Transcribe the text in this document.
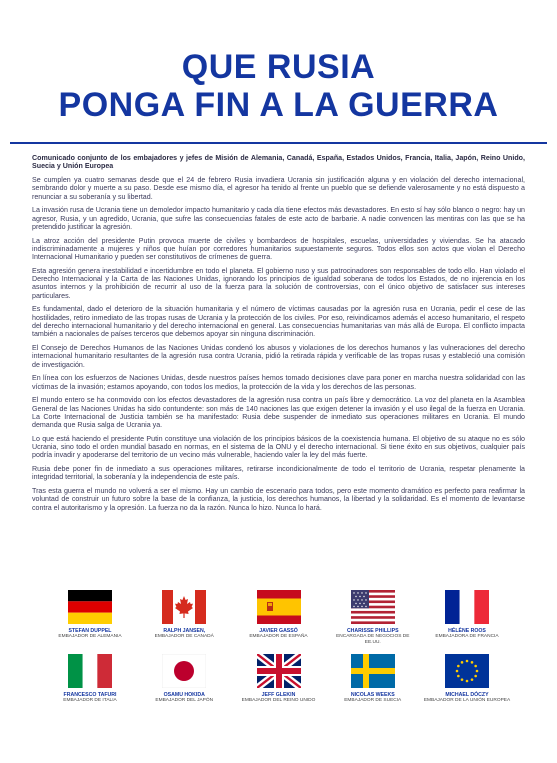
QUE RUSIA

PONGA FIN A LA GUERRA

Comunicado conjunto de los embajadores y jefes de Misión de Alemania, Canadá, España, Estados Unidos, Francia, Italia, Japón, Reino Unido, Suecia y Unión Europea

Se cumplen ya cuatro semanas desde que el 24 de febrero Rusia invadiera Ucrania sin justificación alguna y en violación del derecho internacional, sembrando dolor y muerte a su paso. Desde ese mismo día, el agresor ha tenido al frente un pueblo que se defiende valerosamente y no está dispuesto a renunciar a su soberanía y su libertad.

La invasión rusa de Ucrania tiene un demoledor impacto humanitario y cada día tiene efectos más devastadores. En esto sí hay sólo blanco o negro: hay un agresor, Rusia, y un agredido, Ucrania, que sufre las consecuencias fatales de este acto de barbarie. A nadie convencen las mentiras con las que se ha pretendido justificar la agresión.

La atroz acción del presidente Putin provoca muerte de civiles y bombardeos de hospitales, escuelas, universidades y viviendas. Se ha atacado indiscriminadamente a mujeres y niños que huían por corredores humanitarios supuestamente seguros. Todos ellos son actos que violan el Derecho Internacional Humanitario y pueden ser constitutivos de crímenes de guerra.

Esta agresión genera inestabilidad e incertidumbre en todo el planeta. El gobierno ruso y sus patrocinadores son responsables de todo ello. Han violado el Derecho Internacional y la Carta de las Naciones Unidas, ignorando los principios de igualdad soberana de todos los Estados, de no injerencia en los asuntos internos y la prohibición de recurrir al uso de la fuerza para la solución de controversias, con el único objetivo de satisfacer sus intereses particulares.

Es fundamental, dado el deterioro de la situación humanitaria y el número de víctimas causadas por la agresión rusa en Ucrania, pedir el cese de las hostilidades, retiro inmediato de las tropas rusas de Ucrania y la protección de los civiles. Por eso, reivindicamos además el acceso humanitario, el respeto del derecho internacional humanitario y del derecho internacional en general. Las consecuencias humanitarias van más allá de Europa. El conflicto impacta también a nacionales de países terceros que debemos apoyar sin ninguna discriminación.

El Consejo de Derechos Humanos de las Naciones Unidas condenó los abusos y violaciones de los derechos humanos y las vulneraciones del derecho internacional humanitario resultantes de la agresión rusa contra Ucrania, pidió la retirada rápida y verificable de las tropas rusas y estableció una comisión de investigación.

En línea con los esfuerzos de Naciones Unidas, desde nuestros países hemos tomado decisiones clave para poner en marcha nuestra solidaridad con las víctimas de la invasión; estamos apoyando, con todos los medios, la protección de la vida y los derechos de las personas.

El mundo entero se ha conmovido con los efectos devastadores de la agresión rusa contra un país libre y democrático. La voz del planeta en la Asamblea General de las Naciones Unidas ha sido contundente: son más de 140 naciones las que exigen detener la invasión y el uso ilegal de la fuerza en Ucrania. La Corte Internacional de Justicia también se ha manifestado: Rusia debe suspender de inmediato sus operaciones militares en Ucrania. El mundo demanda que Rusia salga de Ucrania ya.

Lo que está haciendo el presidente Putin constituye una violación de los principios básicos de la coexistencia humana. El objetivo de su ataque no es sólo Ucrania, sino todo el orden mundial basado en normas, en el sistema de la ONU y el derecho internacional. Si tiene éxito en sus objetivos, cualquier país podría invadir y apoderarse del territorio de un vecino más vulnerable, haciendo valer la ley del más fuerte.

Rusia debe poner fin de inmediato a sus operaciones militares, retirarse incondicionalmente de todo el territorio de Ucrania, respetar plenamente la integridad territorial, la soberanía y la independencia de este país.

Tras esta guerra el mundo no volverá a ser el mismo. Hay un cambio de escenario para todos, pero este momento dramático es perfecto para reafirmar la voluntad de construir un futuro sobre la base de la confianza, la justicia, los derechos humanos, la libertad y la solidaridad. Es el momento de levantarse contra el autoritarismo y la opresión. La fuerza no da la razón. Nunca lo hizo. Nunca lo hará.

STEFAN DUPPEL
EMBAJADOR DE ALEMANIA
RALPH JANSEN,
EMBAJADOR DE CANADÁ
JAVIER GASSÓ
EMBAJADOR DE ESPAÑA
CHARISSE PHILLIPS
ENCARGADA DE NEGOCIOS DE EE.UU.
HÉLÈNE ROOS
EMBAJADORA DE FRANCIA
FRANCESCO TAFURI
EMBAJADOR DE ITALIA
OSAMU HOKIDA
EMBAJADOR DEL JAPÓN
JEFF GLEKIN
EMBAJADOR DEL REINO UNIDO
NICOLAS WEEKS
EMBAJADOR DE SUECIA
MICHAEL DÓCZY
EMBAJADOR DE LA UNIÓN EUROPEA
